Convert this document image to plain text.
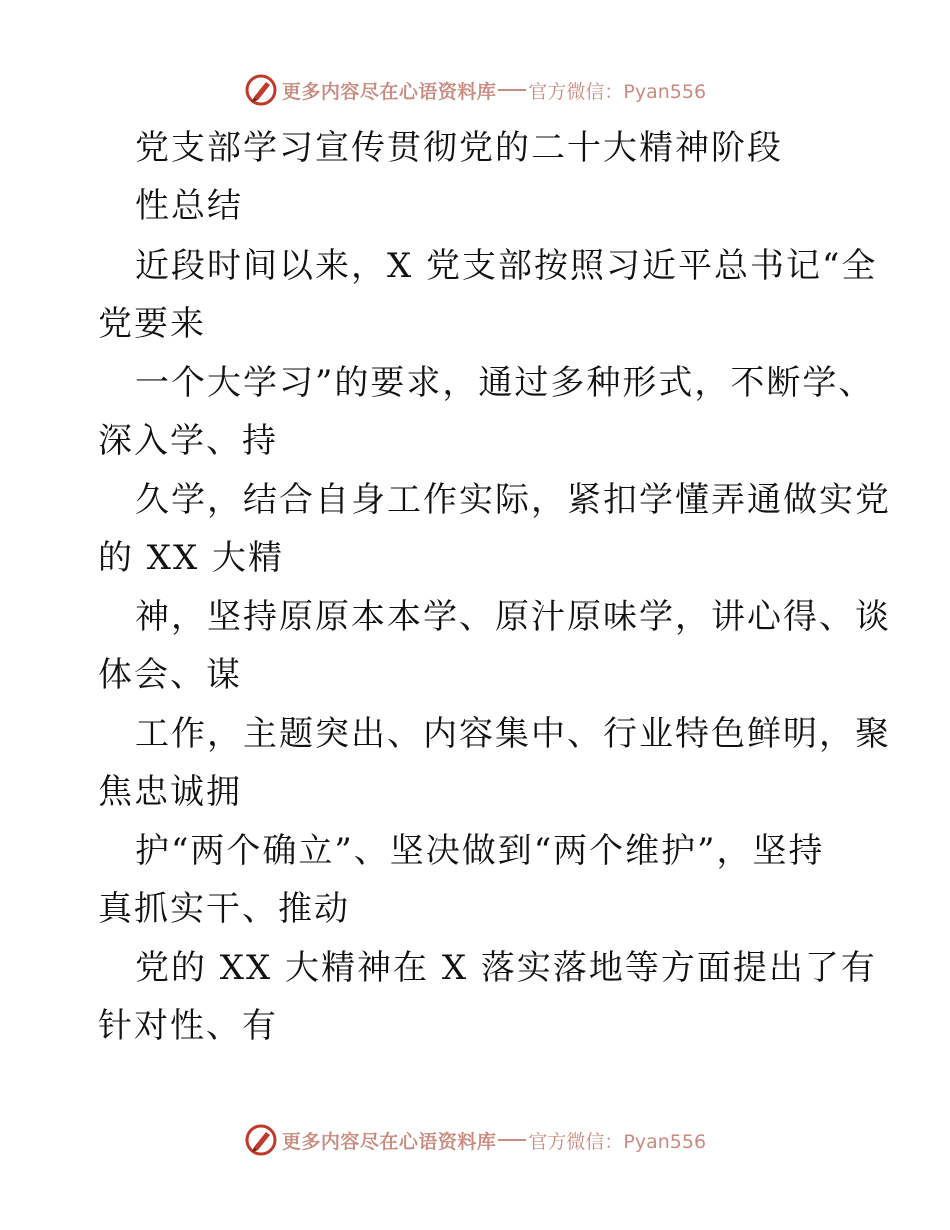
更多内容尽在心语资料库 官方微信：Pyan556
党支部学习宣传贯彻党的二十大精神阶段
性总结
近段时间以来，X 党支部按照习近平总书记“全
党要来
一个大学习”的要求，通过多种形式，不断学、
深入学、持
久学，结合自身工作实际，紧扣学懂弄通做实党
的 XX 大精
神，坚持原原本本学、原汁原味学，讲心得、谈
体会、谋
工作，主题突出、内容集中、行业特色鲜明，聚
焦忠诚拥
护“两个确立”、坚决做到“两个维护”，坚持
真抓实干、推动
党的 XX 大精神在 X 落实落地等方面提出了有
针对性、有
更多内容尽在心语资料库 官方微信：Pyan556
